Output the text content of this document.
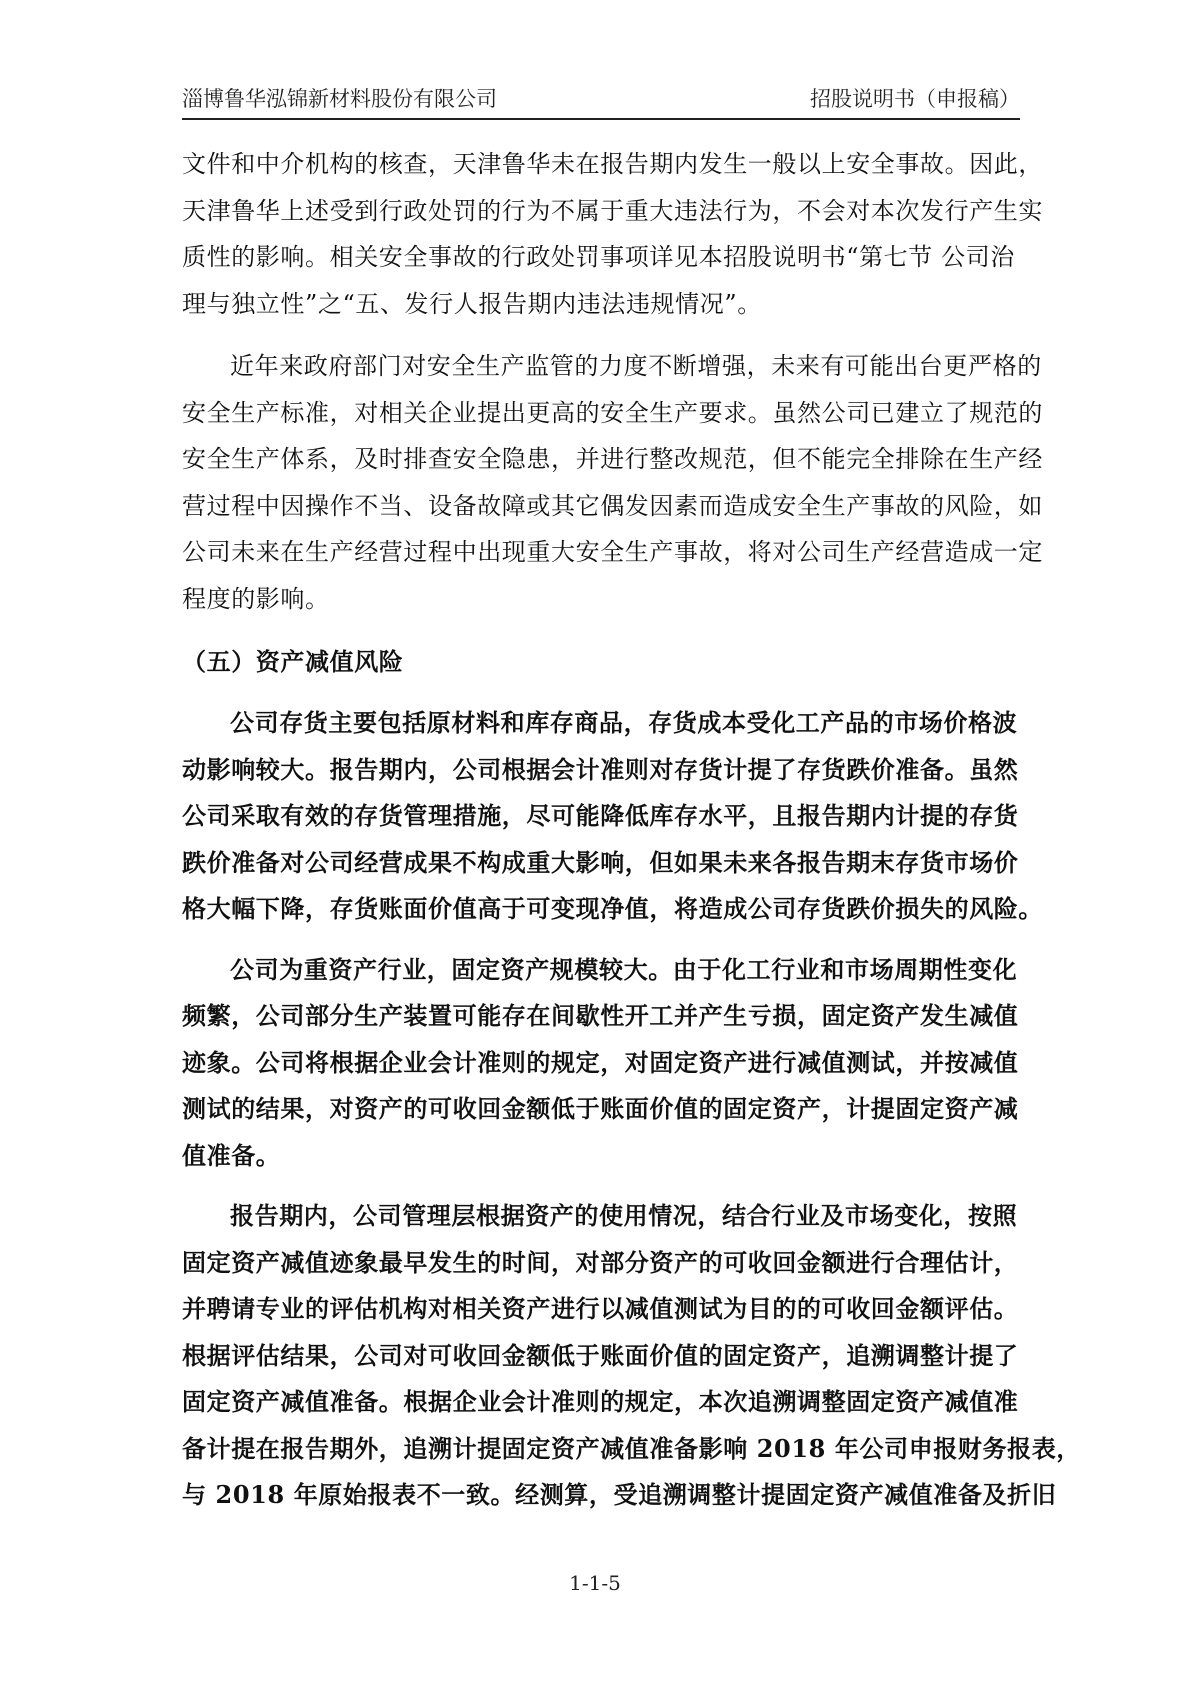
淄博鲁华泓锦新材料股份有限公司	招股说明书（申报稿）

文件和中介机构的核查，天津鲁华未在报告期内发生一般以上安全事故。因此，
天津鲁华上述受到行政处罚的行为不属于重大违法行为，不会对本次发行产生实
质性的影响。相关安全事故的行政处罚事项详见本招股说明书“第七节 公司治
理与独立性”之“五、发行人报告期内违法违规情况”。

近年来政府部门对安全生产监管的力度不断增强，未来有可能出台更严格的
安全生产标准，对相关企业提出更高的安全生产要求。虽然公司已建立了规范的
安全生产体系，及时排查安全隐患，并进行整改规范，但不能完全排除在生产经
营过程中因操作不当、设备故障或其它偶发因素而造成安全生产事故的风险，如
公司未来在生产经营过程中出现重大安全生产事故，将对公司生产经营造成一定
程度的影响。

（五）资产减值风险

公司存货主要包括原材料和库存商品，存货成本受化工产品的市场价格波
动影响较大。报告期内，公司根据会计准则对存货计提了存货跌价准备。虽然
公司采取有效的存货管理措施，尽可能降低库存水平，且报告期内计提的存货
跌价准备对公司经营成果不构成重大影响，但如果未来各报告期末存货市场价
格大幅下降，存货账面价值高于可变现净值，将造成公司存货跌价损失的风险。

公司为重资产行业，固定资产规模较大。由于化工行业和市场周期性变化
频繁，公司部分生产装置可能存在间歇性开工并产生亏损，固定资产发生减值
迹象。公司将根据企业会计准则的规定，对固定资产进行减值测试，并按减值
测试的结果，对资产的可收回金额低于账面价值的固定资产，计提固定资产减
值准备。

报告期内，公司管理层根据资产的使用情况，结合行业及市场变化，按照
固定资产减值迹象最早发生的时间，对部分资产的可收回金额进行合理估计，
并聘请专业的评估机构对相关资产进行以减值测试为目的的可收回金额评估。
根据评估结果，公司对可收回金额低于账面价值的固定资产，追溯调整计提了
固定资产减值准备。根据企业会计准则的规定，本次追溯调整固定资产减值准
备计提在报告期外，追溯计提固定资产减值准备影响 2018 年公司申报财务报表，
与 2018 年原始报表不一致。经测算，受追溯调整计提固定资产减值准备及折旧

1-1-5
